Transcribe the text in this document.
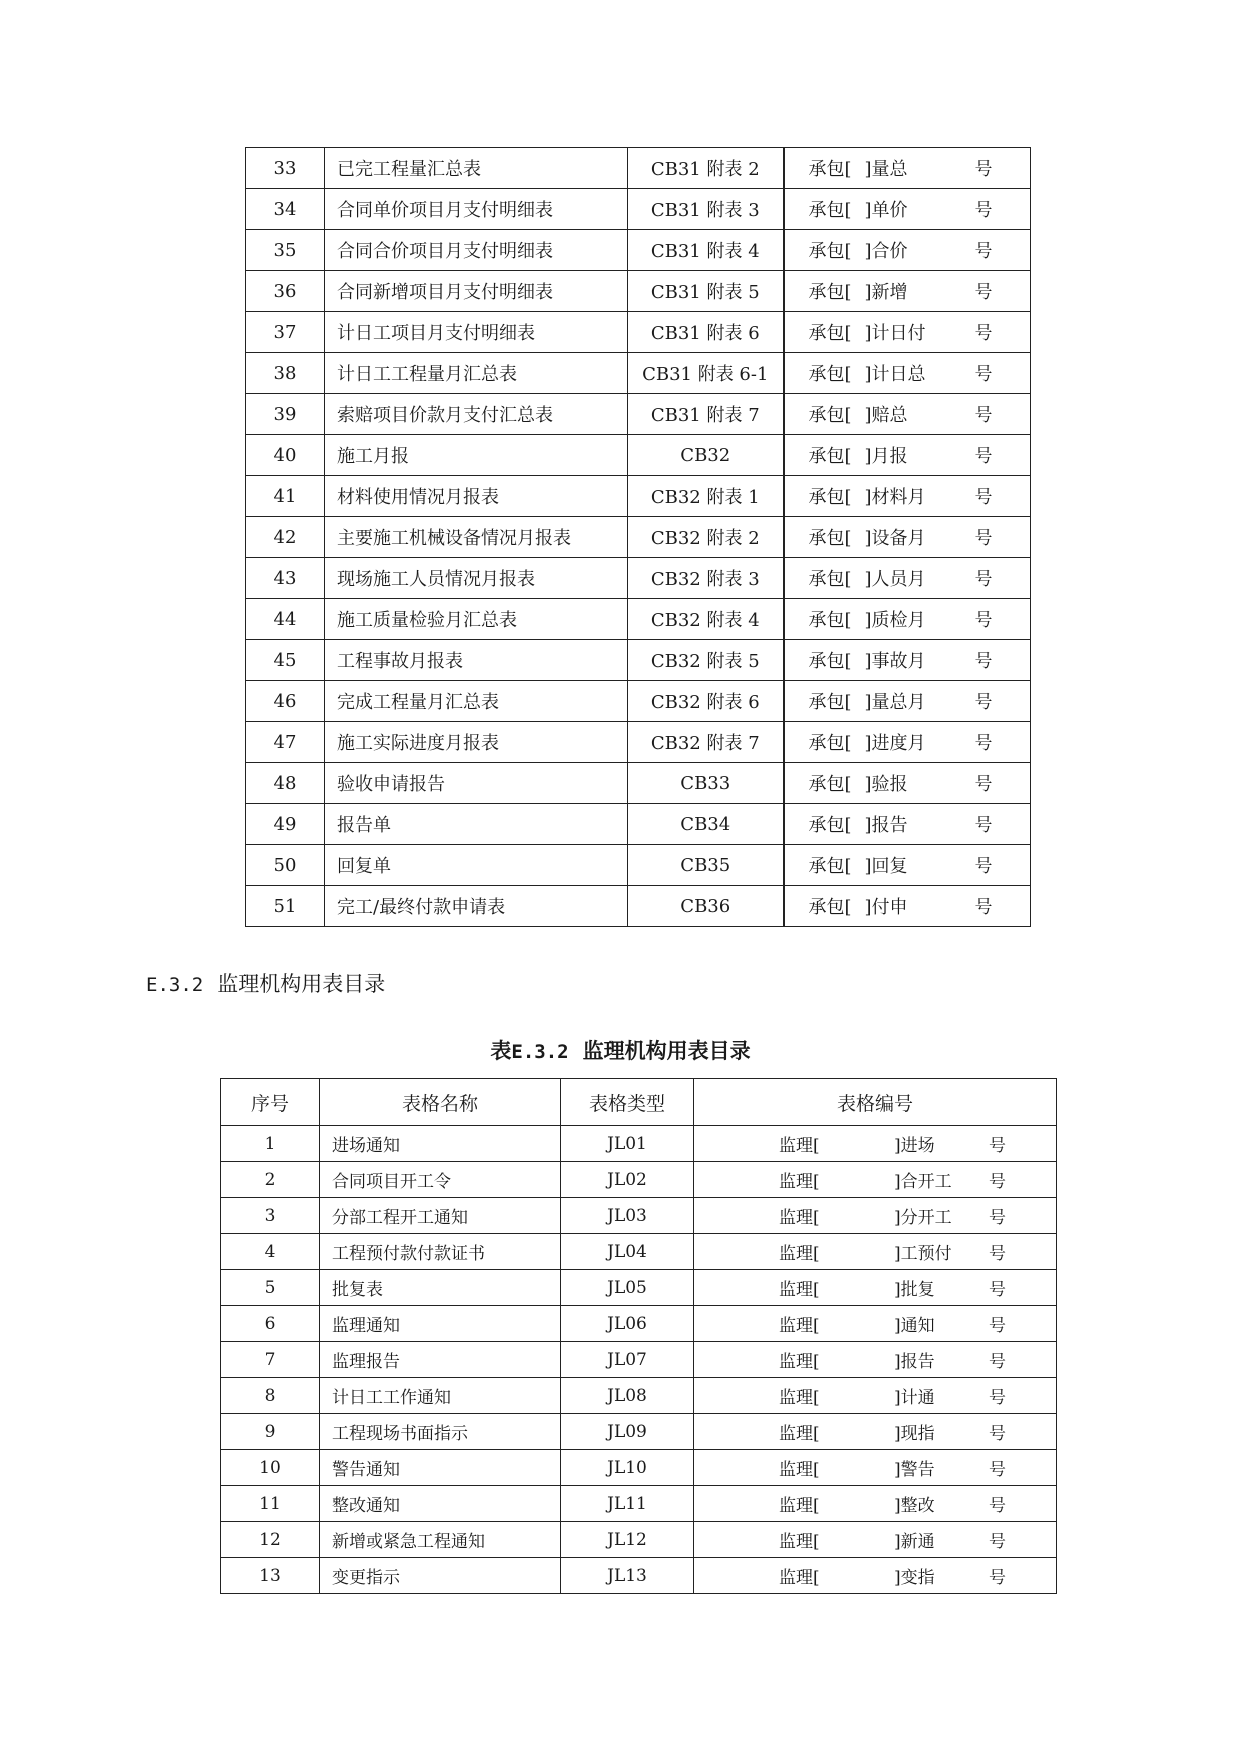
33	已完工程量汇总表	CB31 附表 2	承包[ ]量总 号

34	合同单价项目月支付明细表	CB31 附表 3	承包[ ]单价 号

35	合同合价项目月支付明细表	CB31 附表 4	承包[ ]合价 号

36	合同新增项目月支付明细表	CB31 附表 5	承包[ ]新增 号

37	计日工项目月支付明细表	CB31 附表 6	承包[ ]计日付 号

38	计日工工程量月汇总表	CB31 附表 6-1	承包[ ]计日总 号

39	索赔项目价款月支付汇总表	CB31 附表 7	承包[ ]赔总 号

40	施工月报	CB32	承包[ ]月报 号

41	材料使用情况月报表	CB32 附表 1	承包[ ]材料月 号

42	主要施工机械设备情况月报表	CB32 附表 2	承包[ ]设备月 号

43	现场施工人员情况月报表	CB32 附表 3	承包[ ]人员月 号

44	施工质量检验月汇总表	CB32 附表 4	承包[ ]质检月 号

45	工程事故月报表	CB32 附表 5	承包[ ]事故月 号

46	完成工程量月汇总表	CB32 附表 6	承包[ ]量总月 号

47	施工实际进度月报表	CB32 附表 7	承包[ ]进度月 号

48	验收申请报告	CB33	承包[ ]验报 号

49	报告单	CB34	承包[ ]报告 号

50	回复单	CB35	承包[ ]回复 号

51	完工/最终付款申请表	CB36	承包[ ]付申 号
E.3.2 监理机构用表目录
表E.3.2 监理机构用表目录
序号	表格名称	表格类型	表格编号
1	进场通知	JL01	监理[ ]进场 号

2	合同项目开工令	JL02	监理[ ]合开工 号

3	分部工程开工通知	JL03	监理[ ]分开工 号

4	工程预付款付款证书	JL04	监理[ ]工预付 号

5	批复表	JL05	监理[ ]批复 号

6	监理通知	JL06	监理[ ]通知 号

7	监理报告	JL07	监理[ ]报告 号

8	计日工工作通知	JL08	监理[ ]计通 号

9	工程现场书面指示	JL09	监理[ ]现指 号

10	警告通知	JL10	监理[ ]警告 号

11	整改通知	JL11	监理[ ]整改 号

12	新增或紧急工程通知	JL12	监理[ ]新通 号

13	变更指示	JL13	监理[ ]变指 号
